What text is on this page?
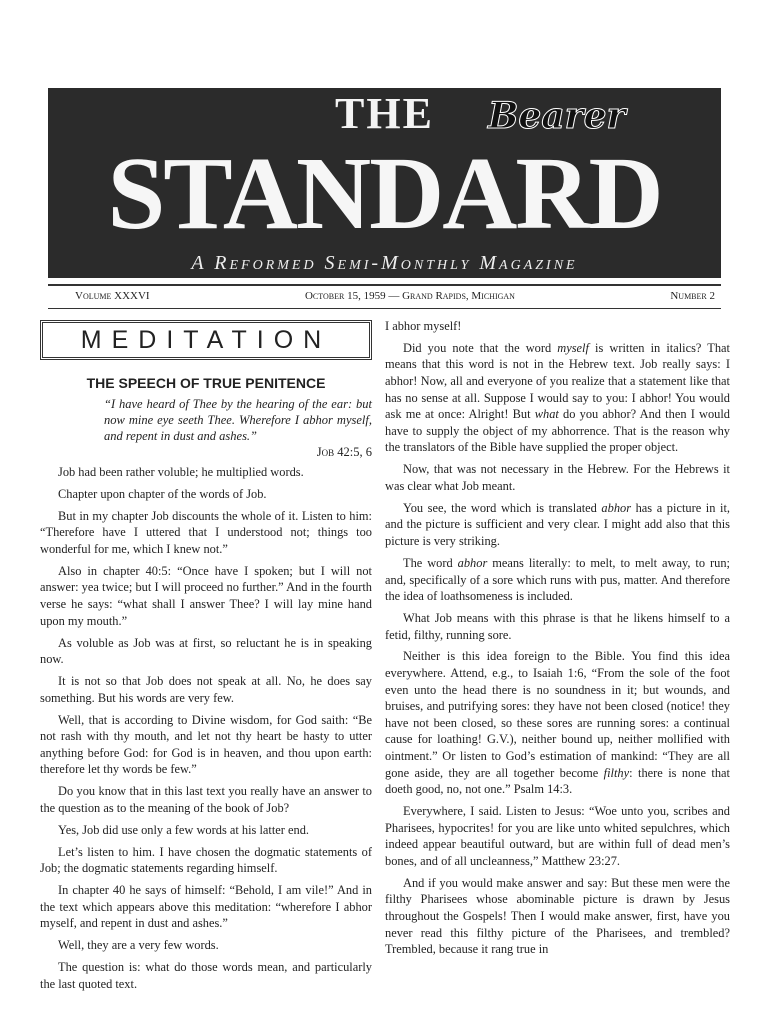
THE	Bearer
STANDARD
A Reformed Semi-Monthly Magazine
Volume XXXVI	October 15, 1959 — Grand Rapids, Michigan	Number 2
MEDITATION
THE SPEECH OF TRUE PENITENCE
“I have heard of Thee by the hearing of the ear: but now mine eye seeth Thee. Wherefore I abhor myself, and repent in dust and ashes.”
Job 42:5, 6

Job had been rather voluble; he multiplied words.

Chapter upon chapter of the words of Job.

But in my chapter Job discounts the whole of it. Listen to him: “Therefore have I uttered that I understood not; things too wonderful for me, which I knew not.”

Also in chapter 40:5: “Once have I spoken; but I will not answer: yea twice; but I will proceed no further.” And in the fourth verse he says: “what shall I answer Thee? I will lay mine hand upon my mouth.”

As voluble as Job was at first, so reluctant he is in speaking now.

It is not so that Job does not speak at all. No, he does say something. But his words are very few.

Well, that is according to Divine wisdom, for God saith: “Be not rash with thy mouth, and let not thy heart be hasty to utter anything before God: for God is in heaven, and thou upon earth: therefore let thy words be few.”

Do you know that in this last text you really have an answer to the question as to the meaning of the book of Job?

Yes, Job did use only a few words at his latter end.

Let’s listen to him. I have chosen the dogmatic statements of Job; the dogmatic statements regarding himself.

In chapter 40 he says of himself: “Behold, I am vile!” And in the text which appears above this meditation: “wherefore I abhor myself, and repent in dust and ashes.”

Well, they are a very few words.

The question is: what do those words mean, and particularly the last quoted text.

I abhor myself!

Did you note that the word myself is written in italics? That means that this word is not in the Hebrew text. Job really says: I abhor! Now, all and everyone of you realize that a statement like that has no sense at all. Suppose I would say to you: I abhor! You would ask me at once: Alright! But what do you abhor? And then I would have to supply the object of my abhorrence. That is the reason why the translators of the Bible have supplied the proper object.

Now, that was not necessary in the Hebrew. For the Hebrews it was clear what Job meant.

You see, the word which is translated abhor has a picture in it, and the picture is sufficient and very clear. I might add also that this picture is very striking.

The word abhor means literally: to melt, to melt away, to run; and, specifically of a sore which runs with pus, matter. And therefore the idea of loathsomeness is included.

What Job means with this phrase is that he likens himself to a fetid, filthy, running sore.

Neither is this idea foreign to the Bible. You find this idea everywhere. Attend, e.g., to Isaiah 1:6, “From the sole of the foot even unto the head there is no soundness in it; but wounds, and bruises, and putrifying sores: they have not been closed (notice! they have not been closed, so these sores are running sores: a continual cause for loathing! G.V.), neither bound up, neither mollified with ointment.” Or listen to God’s estimation of mankind: “They are all gone aside, they are all together become filthy: there is none that doeth good, no, not one.” Psalm 14:3.

Everywhere, I said. Listen to Jesus: “Woe unto you, scribes and Pharisees, hypocrites! for you are like unto whited sepulchres, which indeed appear beautiful outward, but are within full of dead men’s bones, and of all uncleanness,” Matthew 23:27.

And if you would make answer and say: But these men were the filthy Pharisees whose abominable picture is drawn by Jesus throughout the Gospels! Then I would make answer, first, have you never read this filthy picture of the Pharisees, and trembled? Trembled, because it rang true in
